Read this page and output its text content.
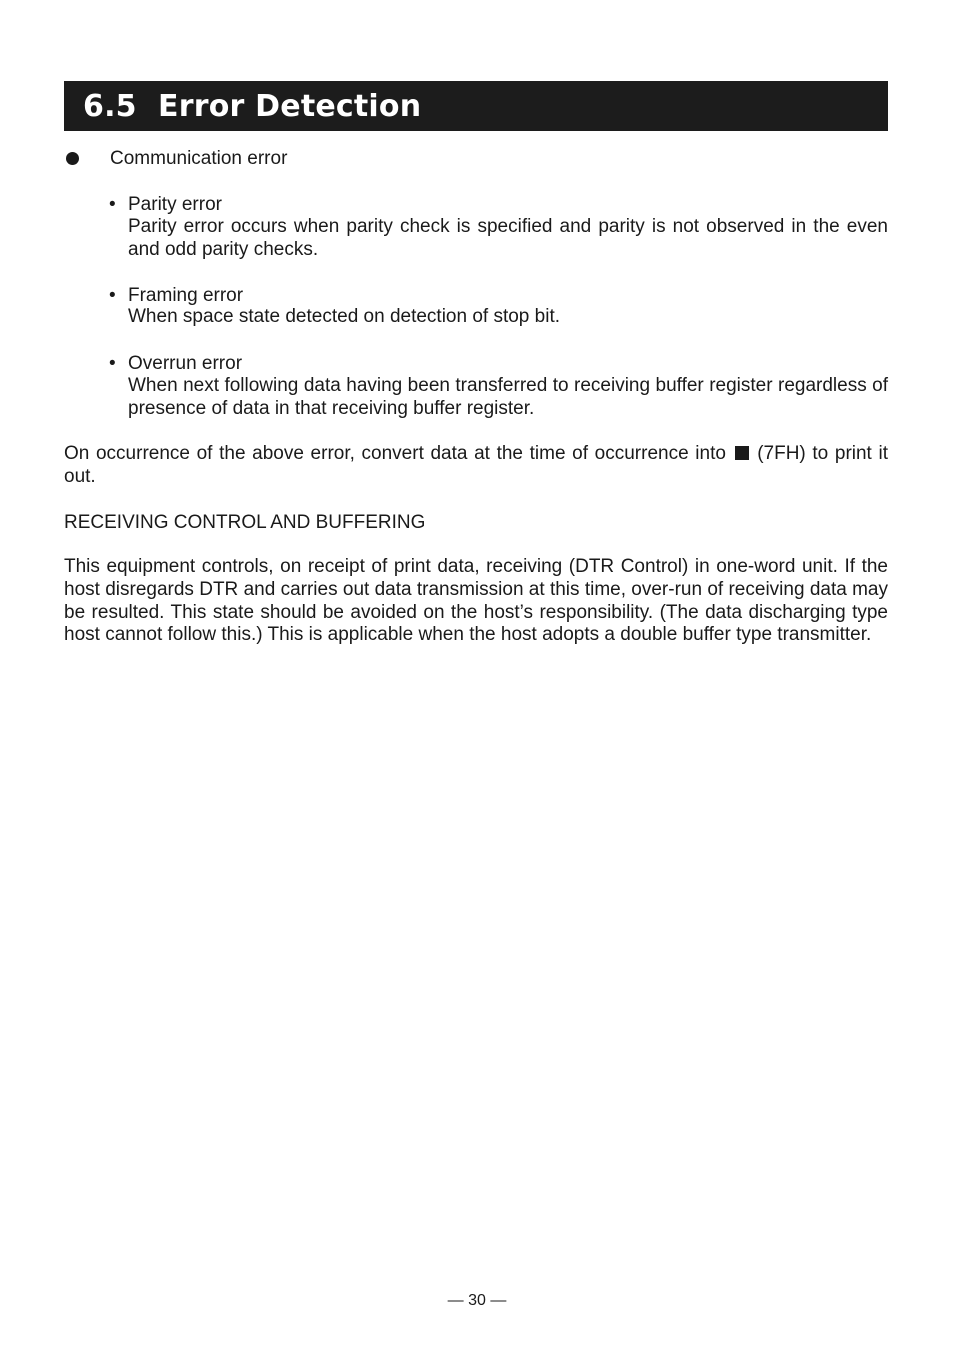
6.5  Error Detection
Communication error
• Parity error
Parity error occurs when parity check is specified and parity is not observed in the even and odd parity checks.
• Framing error
When space state detected on detection of stop bit.
• Overrun error
When next following data having been transferred to receiving buffer register regardless of presence of data in that receiving buffer register.
On occurrence of the above error, convert data at the time of occurrence into (7FH) to print it out.
RECEIVING CONTROL AND BUFFERING
This equipment controls, on receipt of print data, receiving (DTR Control) in one-word unit. If the host disregards DTR and carries out data transmission at this time, over-run of receiving data may be resulted. This state should be avoided on the host’s responsibility. (The data discharging type host cannot follow this.) This is applicable when the host adopts a double buffer type transmitter.
— 30 —
